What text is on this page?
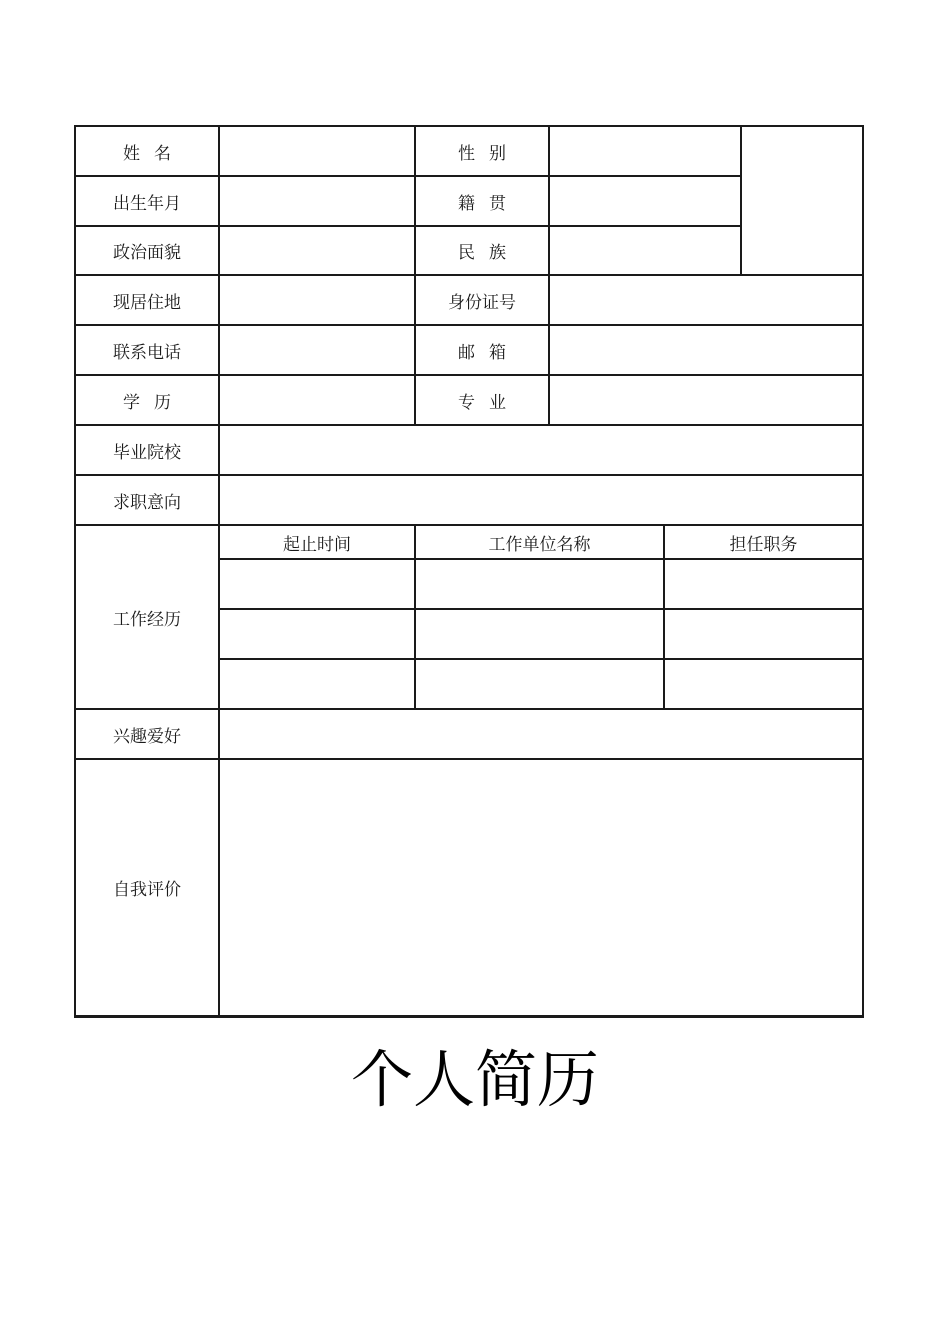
姓名	性别
出生年月	籍贯
政治面貌	民族
现居住地	身份证号
联系电话	邮箱
学历	专业
毕业院校
求职意向
工作经历
起止时间	工作单位名称	担任职务
兴趣爱好
自我评价
个人简历
